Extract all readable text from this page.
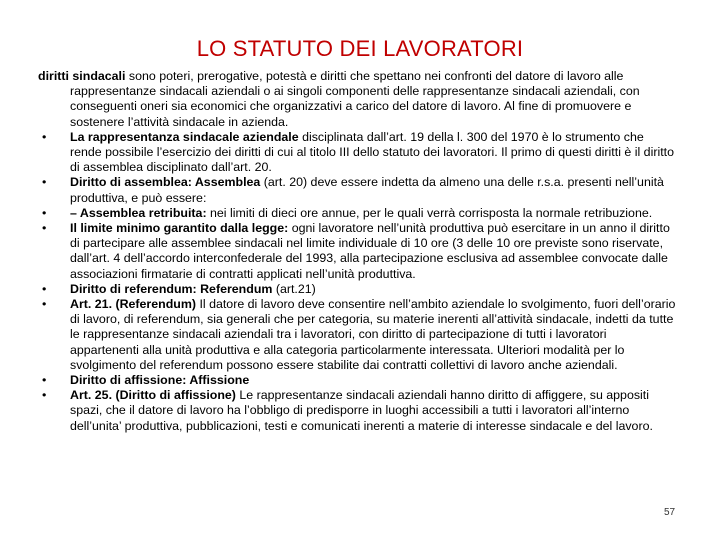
LO STATUTO DEI LAVORATORI

diritti sindacali sono poteri, prerogative, potestà e diritti che spettano nei confronti del datore di lavoro alle rappresentanze sindacali aziendali o ai singoli componenti delle rappresentanze sindacali aziendali, con conseguenti oneri sia economici che organizzativi a carico del datore di lavoro. Al fine di promuovere e sostenere l’attività sindacale in azienda.

• La rappresentanza sindacale aziendale disciplinata dall’art. 19 della l. 300 del 1970 è lo strumento che rende possibile l’esercizio dei diritti di cui al titolo III dello statuto dei lavoratori. Il primo di questi diritti è il diritto di assemblea disciplinato dall’art. 20.

• Diritto di assemblea: Assemblea (art. 20) deve essere indetta da almeno una delle r.s.a. presenti nell’unità produttiva, e può essere:

• – Assemblea retribuita: nei limiti di dieci ore annue, per le quali verrà corrisposta la normale retribuzione.

• Il limite minimo garantito dalla legge: ogni lavoratore nell’unità produttiva può esercitare in un anno il diritto di partecipare alle assemblee sindacali nel limite individuale di 10 ore (3 delle 10 ore previste sono riservate, dall’art. 4 dell’accordo interconfederale del 1993, alla partecipazione esclusiva ad assemblee convocate dalle associazioni firmatarie di contratti applicati nell’unità produttiva.

• Diritto di referendum: Referendum (art.21)

• Art. 21. (Referendum) Il datore di lavoro deve consentire nell’ambito aziendale lo svolgimento, fuori dell’orario di lavoro, di referendum, sia generali che per categoria, su materie inerenti all’attività sindacale, indetti da tutte le rappresentanze sindacali aziendali tra i lavoratori, con diritto di partecipazione di tutti i lavoratori appartenenti alla unità produttiva e alla categoria particolarmente interessata. Ulteriori modalità per lo svolgimento del referendum possono essere stabilite dai contratti collettivi di lavoro anche aziendali.

• Diritto di affissione: Affissione

• Art. 25. (Diritto di affissione) Le rappresentanze sindacali aziendali hanno diritto di affiggere, su appositi spazi, che il datore di lavoro ha l’obbligo di predisporre in luoghi accessibili a tutti i lavoratori all’interno dell’unita’ produttiva, pubblicazioni, testi e comunicati inerenti a materie di interesse sindacale e del lavoro.

57
